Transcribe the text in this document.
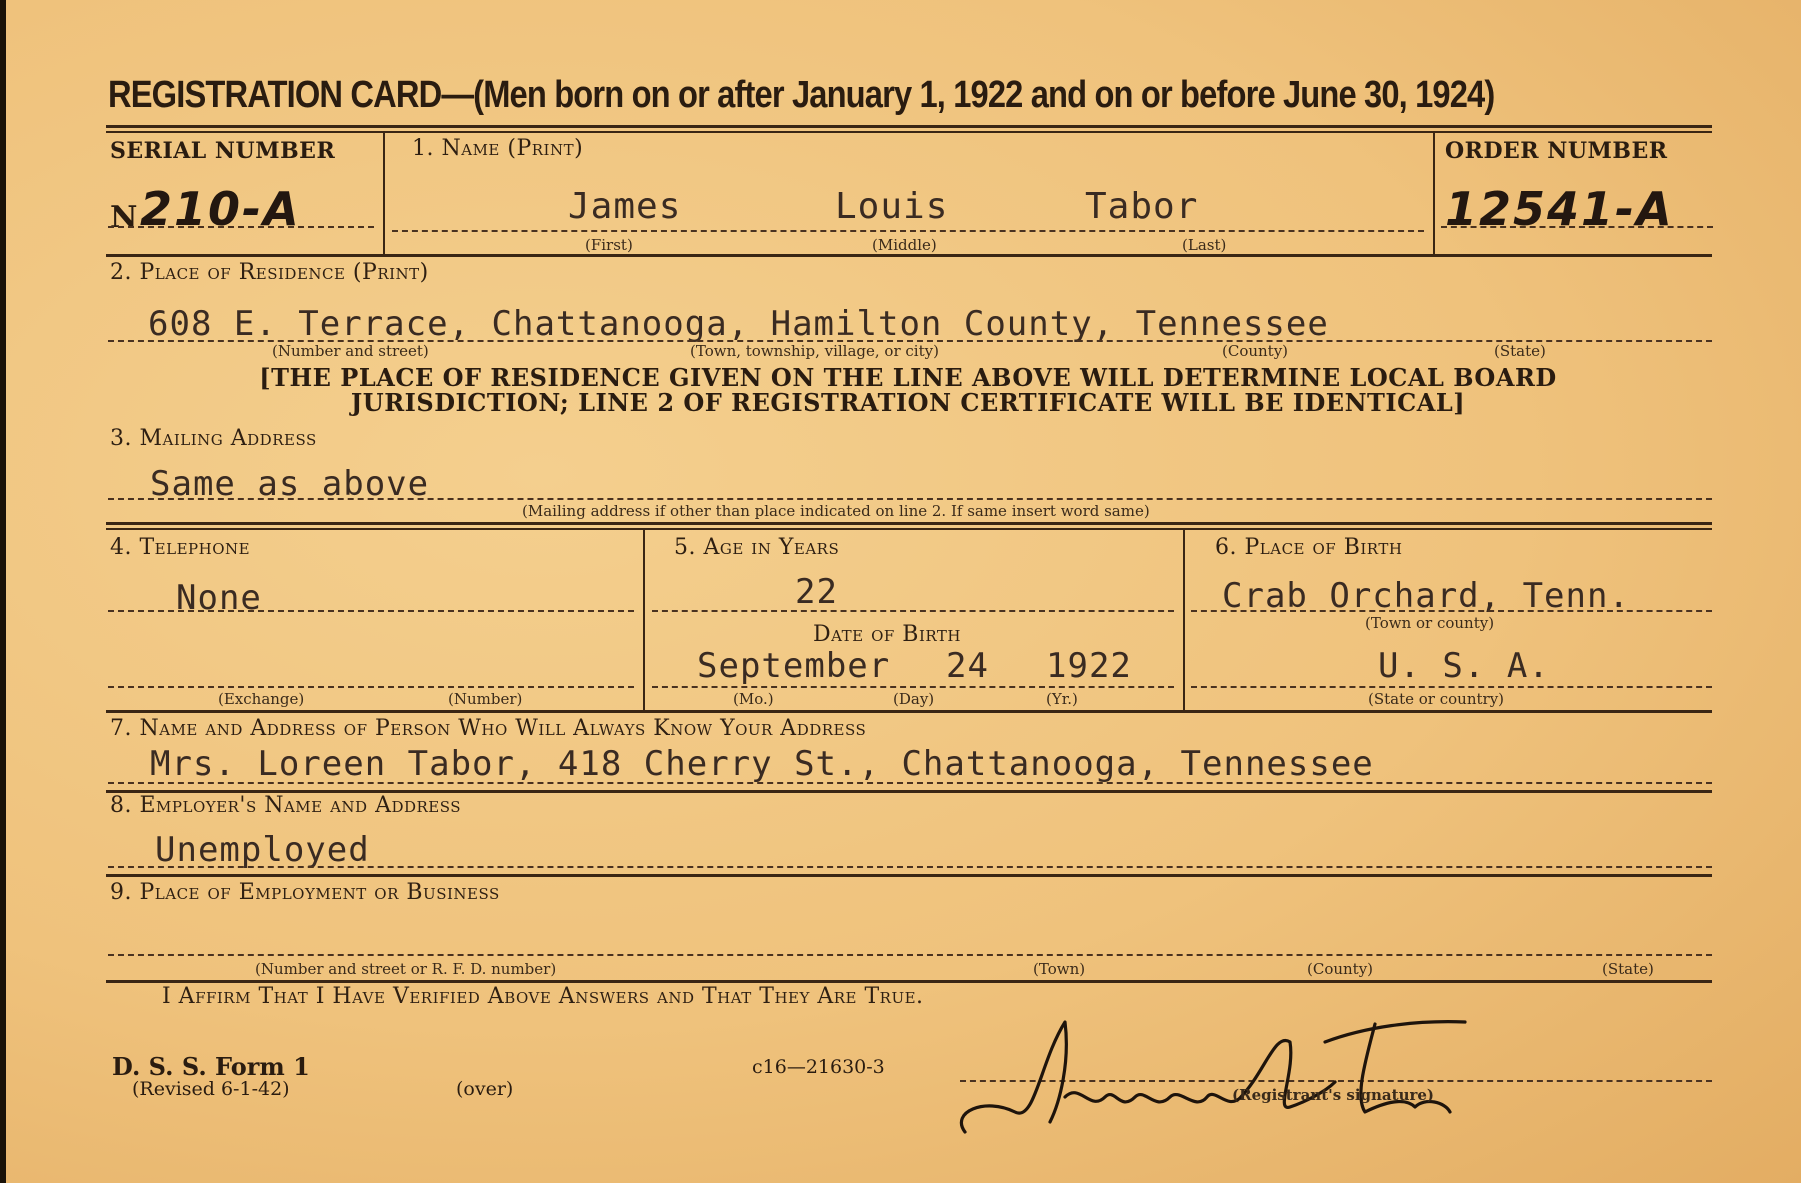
REGISTRATION CARD—(Men born on or after January 1, 1922 and on or before June 30, 1924)
SERIAL NUMBER
N 210-A
1. Name (Print)
James	Louis	Tabor
(First)	(Middle)	(Last)
ORDER NUMBER
12541-A
2. Place of Residence (Print)
608 E. Terrace, Chattanooga, Hamilton County, Tennessee
(Number and street)	(Town, township, village, or city)	(County)	(State)
[THE PLACE OF RESIDENCE GIVEN ON THE LINE ABOVE WILL DETERMINE LOCAL BOARD
JURISDICTION; LINE 2 OF REGISTRATION CERTIFICATE WILL BE IDENTICAL]
3. Mailing Address
Same as above
(Mailing address if other than place indicated on line 2. If same insert word same)
4. Telephone
None
(Exchange)	(Number)
5. Age in Years
22
Date of Birth
September 24 1922
(Mo.)	(Day)	(Yr.)
6. Place of Birth
Crab Orchard, Tenn.
(Town or county)
U. S. A.
(State or country)
7. Name and Address of Person Who Will Always Know Your Address
Mrs. Loreen Tabor, 418 Cherry St., Chattanooga, Tennessee
8. Employer's Name and Address
Unemployed
9. Place of Employment or Business
(Number and street or R. F. D. number)	(Town)	(County)	(State)
I Affirm That I Have Verified Above Answers and That They Are True.
D. S. S. Form 1
(Revised 6-1-42)	(over)
c16—21630-3
(Registrant's signature)
